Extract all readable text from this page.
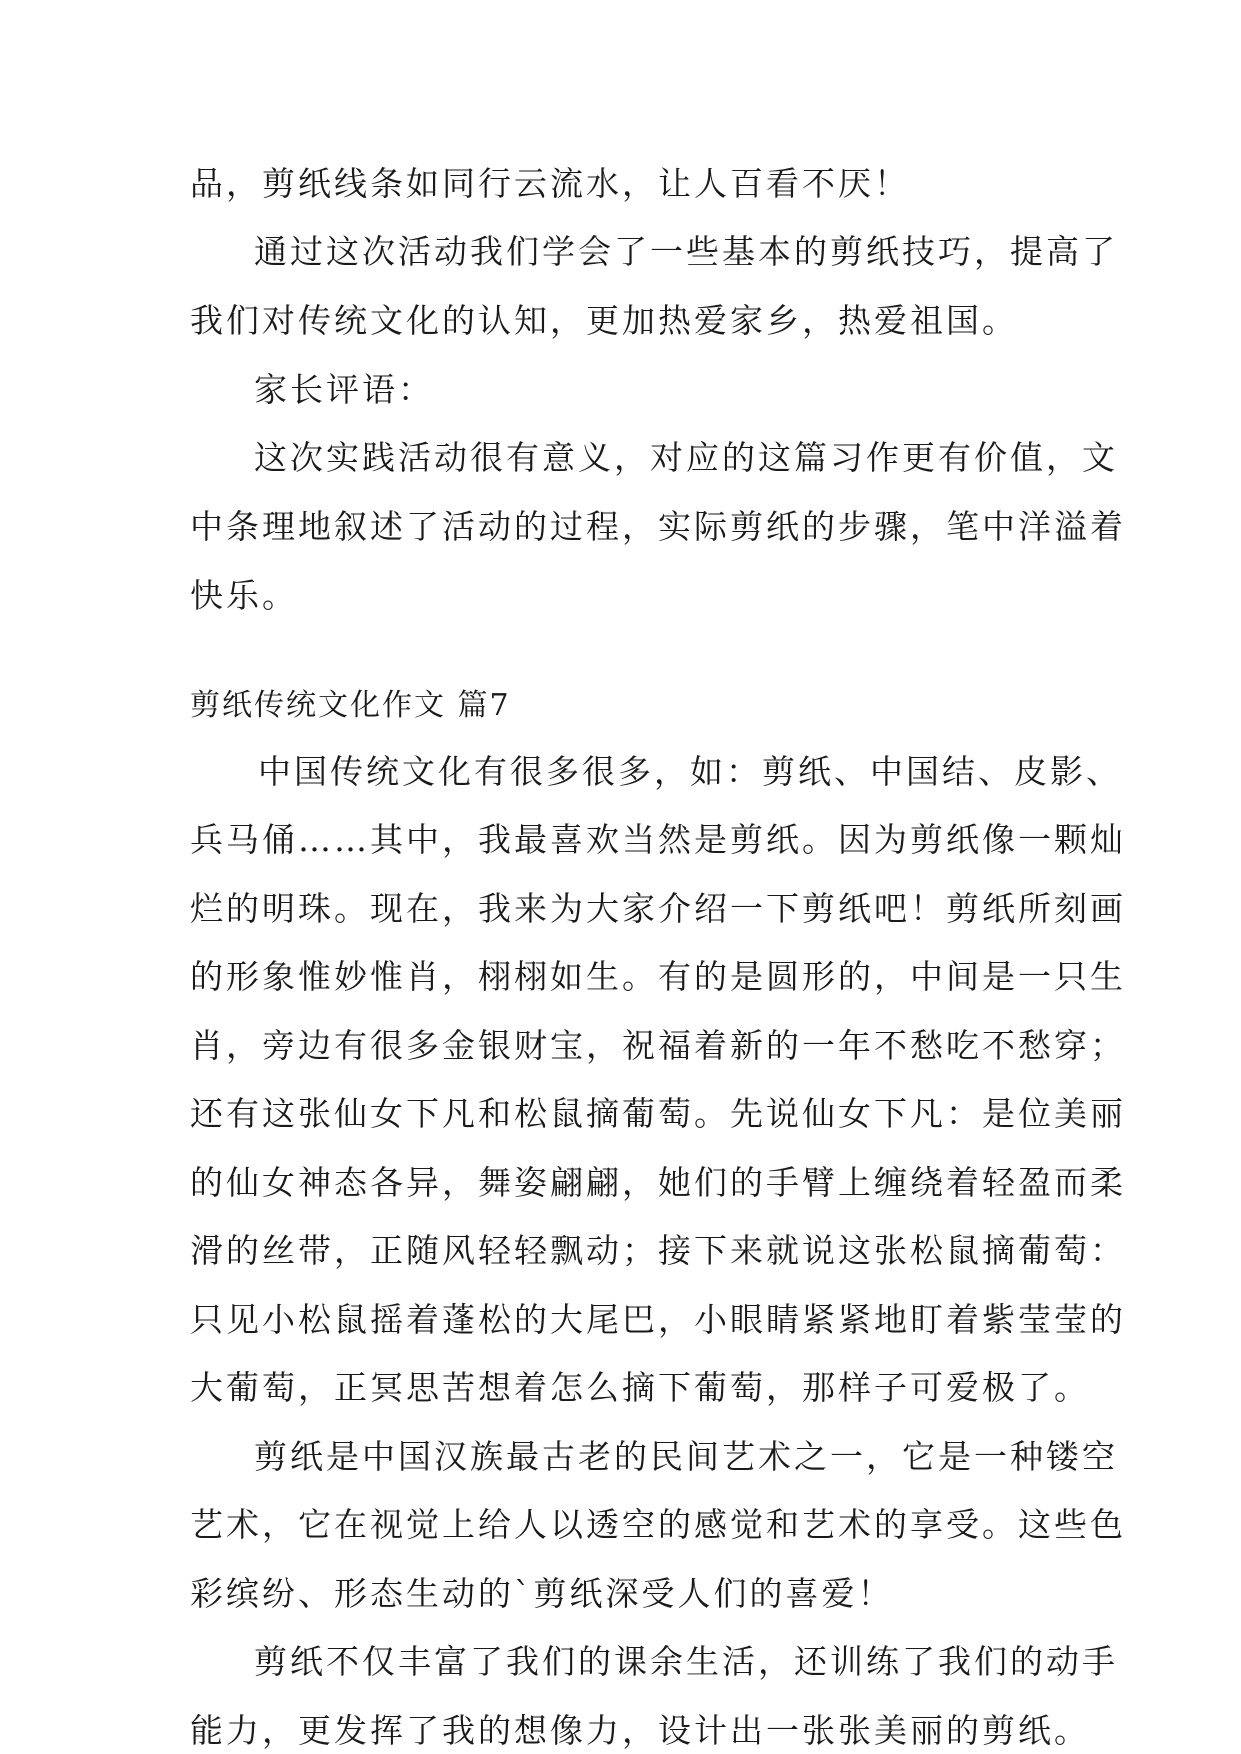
品，剪纸线条如同行云流水，让人百看不厌！
通过这次活动我们学会了一些基本的剪纸技巧，提高了
我们对传统文化的认知，更加热爱家乡，热爱祖国。
家长评语：
这次实践活动很有意义，对应的这篇习作更有价值，文
中条理地叙述了活动的过程，实际剪纸的步骤，笔中洋溢着
快乐。
剪纸传统文化作文 篇7
中国传统文化有很多很多，如：剪纸、中国结、皮影、
兵马俑……其中，我最喜欢当然是剪纸。因为剪纸像一颗灿
烂的明珠。现在，我来为大家介绍一下剪纸吧！剪纸所刻画
的形象惟妙惟肖，栩栩如生。有的是圆形的，中间是一只生
肖，旁边有很多金银财宝，祝福着新的一年不愁吃不愁穿；
还有这张仙女下凡和松鼠摘葡萄。先说仙女下凡：是位美丽
的仙女神态各异，舞姿翩翩，她们的手臂上缠绕着轻盈而柔
滑的丝带，正随风轻轻飘动；接下来就说这张松鼠摘葡萄：
只见小松鼠摇着蓬松的大尾巴，小眼睛紧紧地盯着紫莹莹的
大葡萄，正冥思苦想着怎么摘下葡萄，那样子可爱极了。
剪纸是中国汉族最古老的民间艺术之一，它是一种镂空
艺术，它在视觉上给人以透空的感觉和艺术的享受。这些色
彩缤纷、形态生动的`剪纸深受人们的喜爱！
剪纸不仅丰富了我们的课余生活，还训练了我们的动手
能力，更发挥了我的想像力，设计出一张张美丽的剪纸。
